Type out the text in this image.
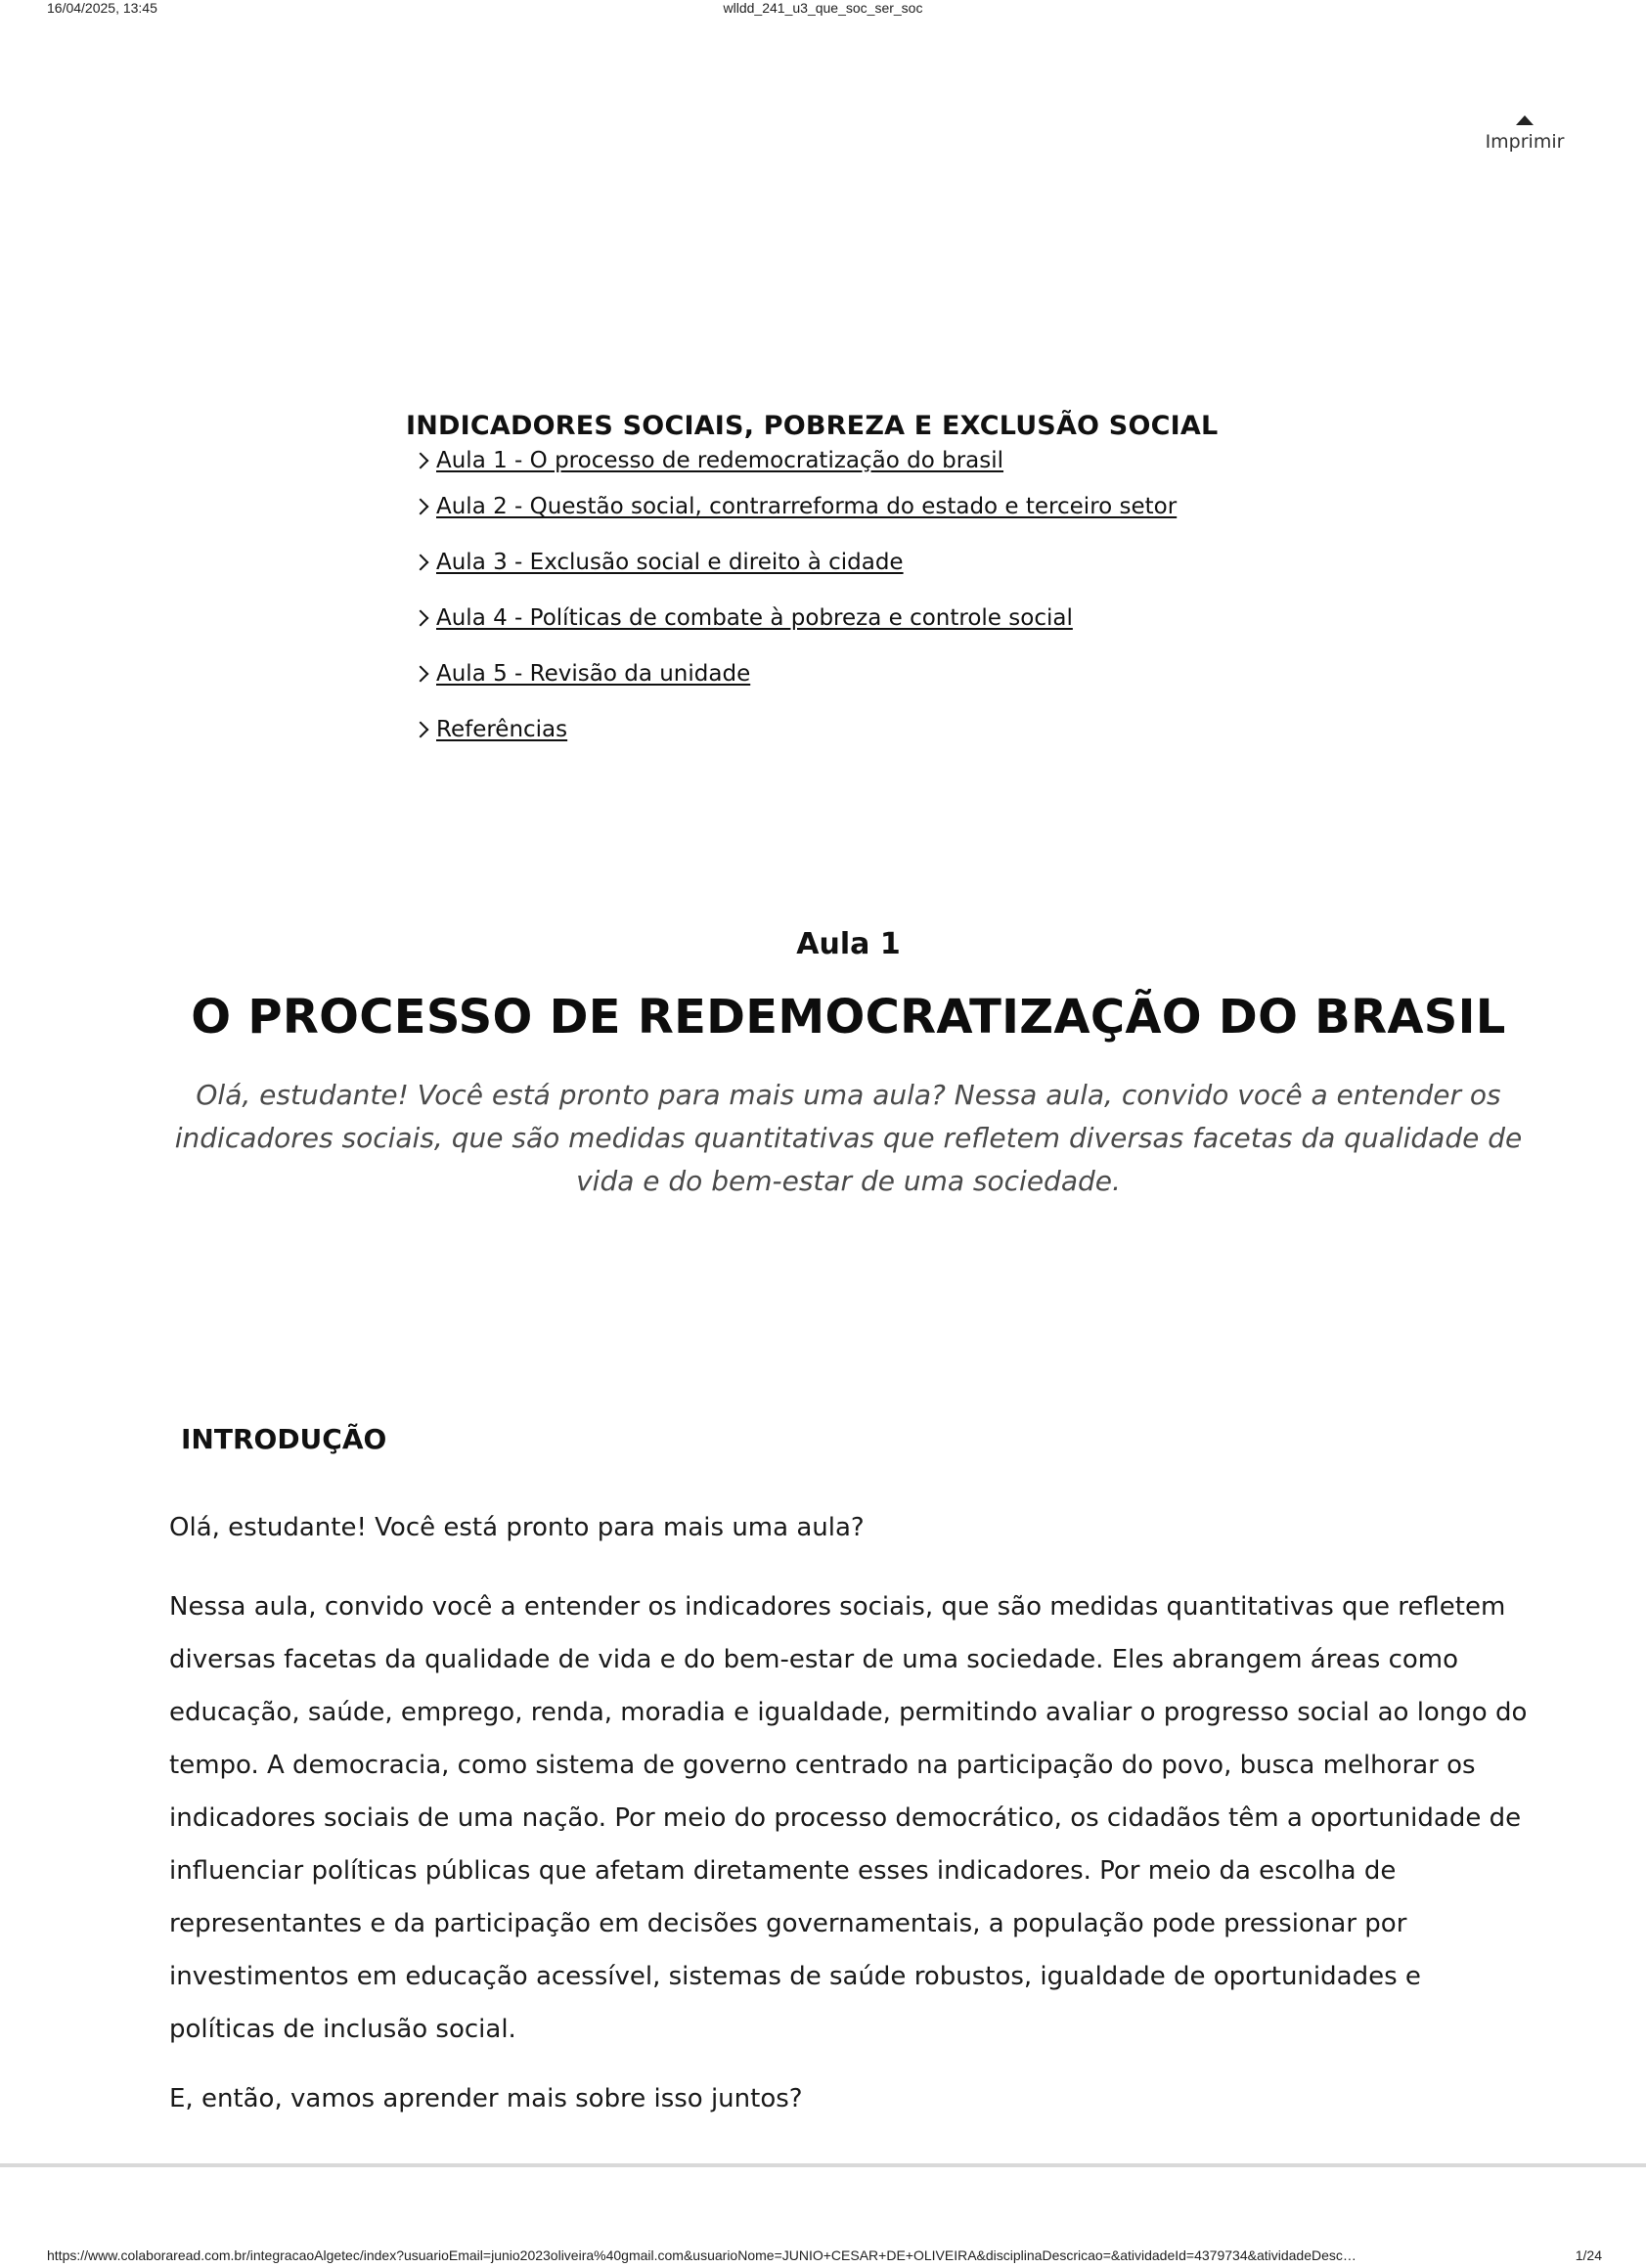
16/04/2025, 13:45	wlldd_241_u3_que_soc_ser_soc
Imprimir
INDICADORES SOCIAIS, POBREZA E EXCLUSÃO SOCIAL
Aula 1 - O processo de redemocratização do brasil
Aula 2 - Questão social, contrarreforma do estado e terceiro setor
Aula 3 - Exclusão social e direito à cidade
Aula 4 - Políticas de combate à pobreza e controle social
Aula 5 - Revisão da unidade
Referências
Aula 1
O PROCESSO DE REDEMOCRATIZAÇÃO DO BRASIL

Olá, estudante! Você está pronto para mais uma aula? Nessa aula, convido você a entender os indicadores sociais, que são medidas quantitativas que refletem diversas facetas da qualidade de vida e do bem-estar de uma sociedade.

INTRODUÇÃO

Olá, estudante! Você está pronto para mais uma aula?

Nessa aula, convido você a entender os indicadores sociais, que são medidas quantitativas que refletem diversas facetas da qualidade de vida e do bem-estar de uma sociedade. Eles abrangem áreas como educação, saúde, emprego, renda, moradia e igualdade, permitindo avaliar o progresso social ao longo do tempo. A democracia, como sistema de governo centrado na participação do povo, busca melhorar os indicadores sociais de uma nação. Por meio do processo democrático, os cidadãos têm a oportunidade de influenciar políticas públicas que afetam diretamente esses indicadores. Por meio da escolha de representantes e da participação em decisões governamentais, a população pode pressionar por investimentos em educação acessível, sistemas de saúde robustos, igualdade de oportunidades e políticas de inclusão social.

E, então, vamos aprender mais sobre isso juntos?

https://www.colaboraread.com.br/integracaoAlgetec/index?usuarioEmail=junio2023oliveira%40gmail.com&usuarioNome=JUNIO+CESAR+DE+OLIVEIRA&disciplinaDescricao=&atividadeId=4379734&atividadeDesc…	1/24
